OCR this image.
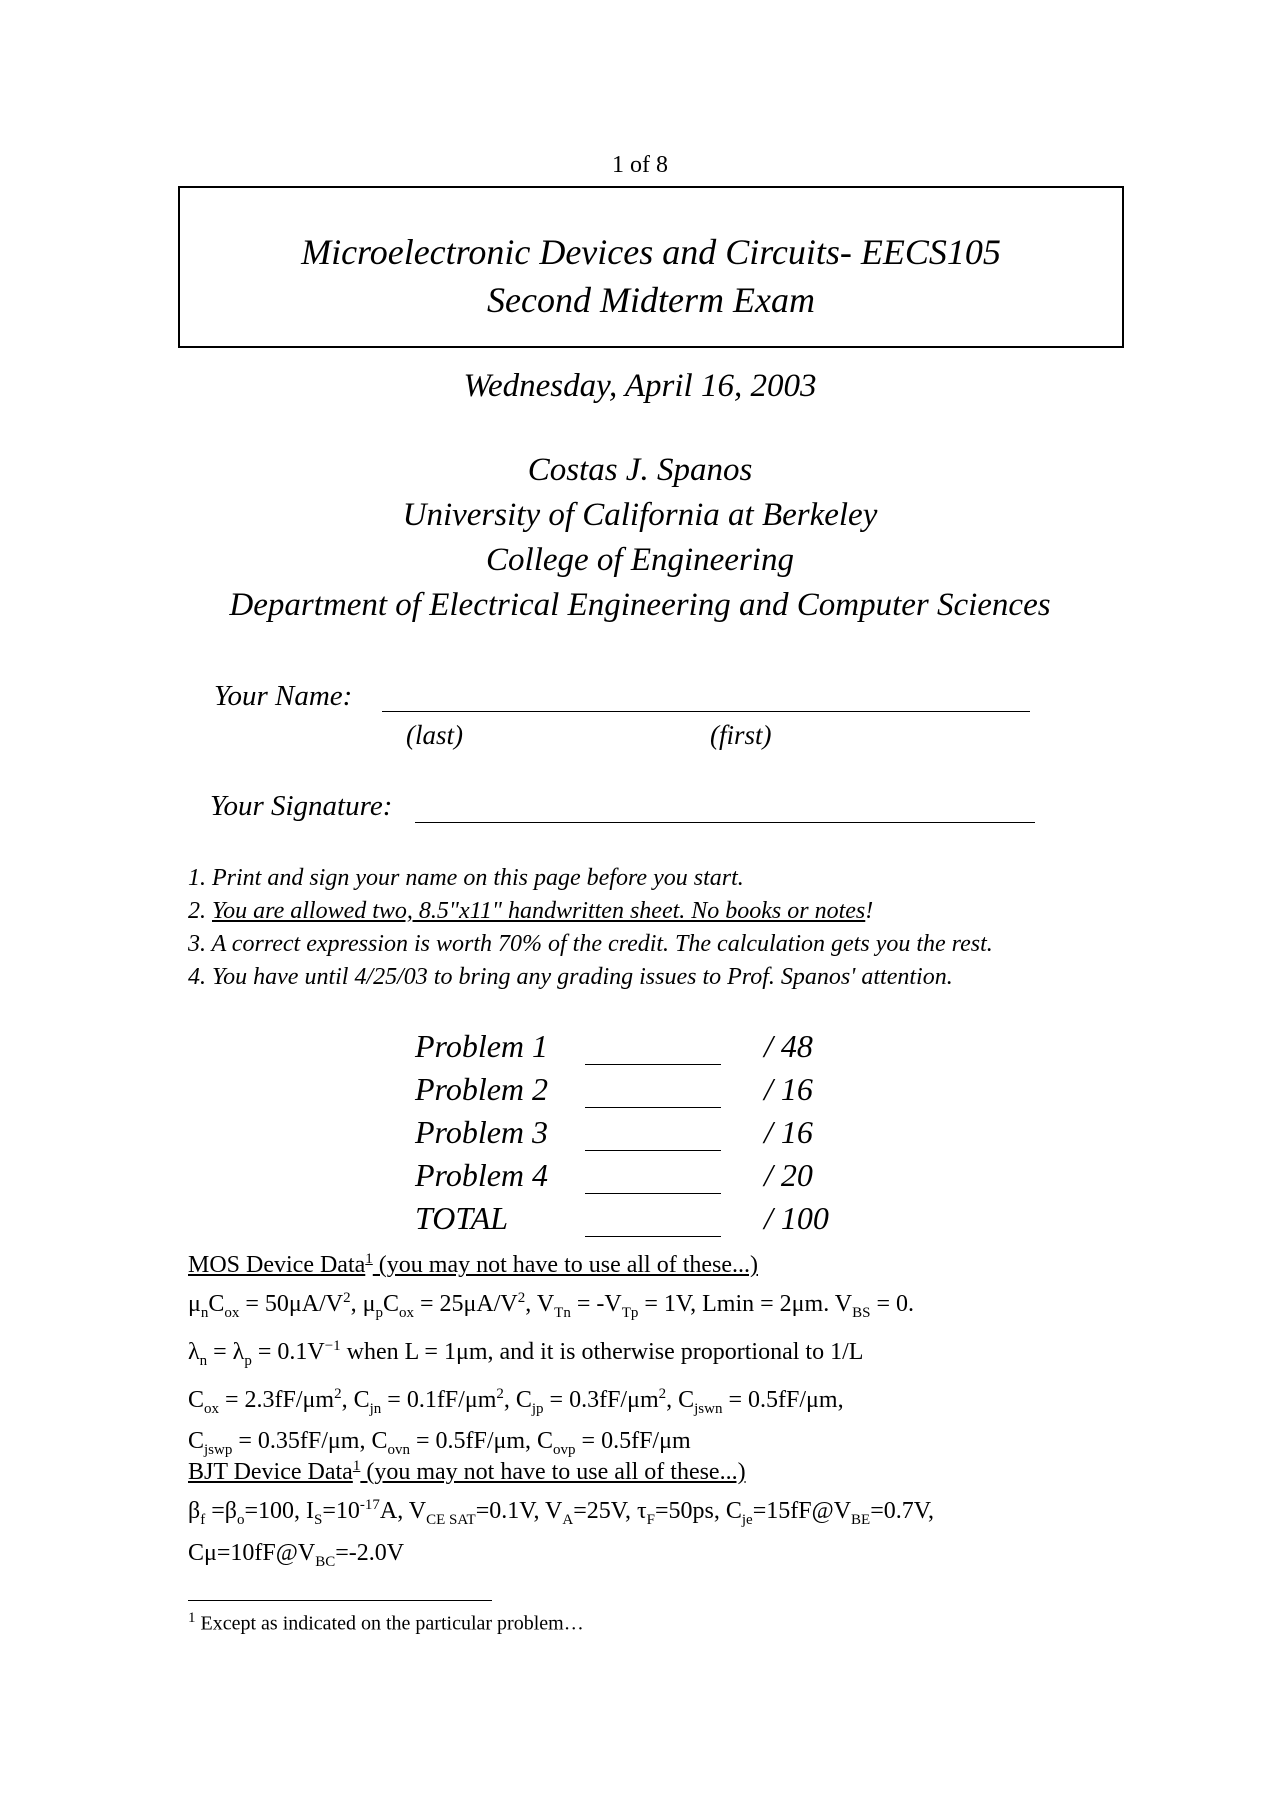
1 of 8
Microelectronic Devices and Circuits- EECS105
Second Midterm Exam
Wednesday, April 16, 2003
Costas J. Spanos
University of California at Berkeley
College of Engineering
Department of Electrical Engineering and Computer Sciences
Your Name:
(last)	(first)
Your Signature:
1. Print and sign your name on this page before you start.
2. You are allowed two, 8.5"x11" handwritten sheet. No books or notes!
3. A correct expression is worth 70% of the credit. The calculation gets you the rest.
4. You have until 4/25/03 to bring any grading issues to Prof. Spanos' attention.
Problem 1	/ 48
Problem 2	/ 16
Problem 3	/ 16
Problem 4	/ 20
TOTAL	/ 100
MOS Device Data$^1$ (you may not have to use all of these...)
$\mu_nC_{ox} = 50\mu A/V^2$, $\mu_pC_{ox} = 25\mu A/V^2$, $V_{Tn} = -V_{Tp} = 1V$, Lmin = 2μm. $V_{BS} = 0$.
$\lambda_n = \lambda_p = 0.1V^{-1}$ when L = 1μm, and it is otherwise proportional to 1/L
$C_{ox} = 2.3fF/\mu m^2$, $C_{jn} = 0.1fF/\mu m^2$, $C_{jp} = 0.3fF/\mu m^2$, $C_{jswn} = 0.5fF/\mu m$,
$C_{jswp} = 0.35fF/\mu m$, $C_{ovn} = 0.5fF/\mu m$, $C_{ovp} = 0.5fF/\mu m$
BJT Device Data$^1$ (you may not have to use all of these...)
$\beta_f =\beta_o=100$, $I_S=10^{-17}A$, $V_{CE SAT}=0.1V$, $V_A=25V$, $\tau_F=50ps$, $C_{je}=15fF@V_{BE}=0.7V$,
$C\mu=10fF@V_{BC}=-2.0V$
$^1$ Except as indicated on the particular problem…
